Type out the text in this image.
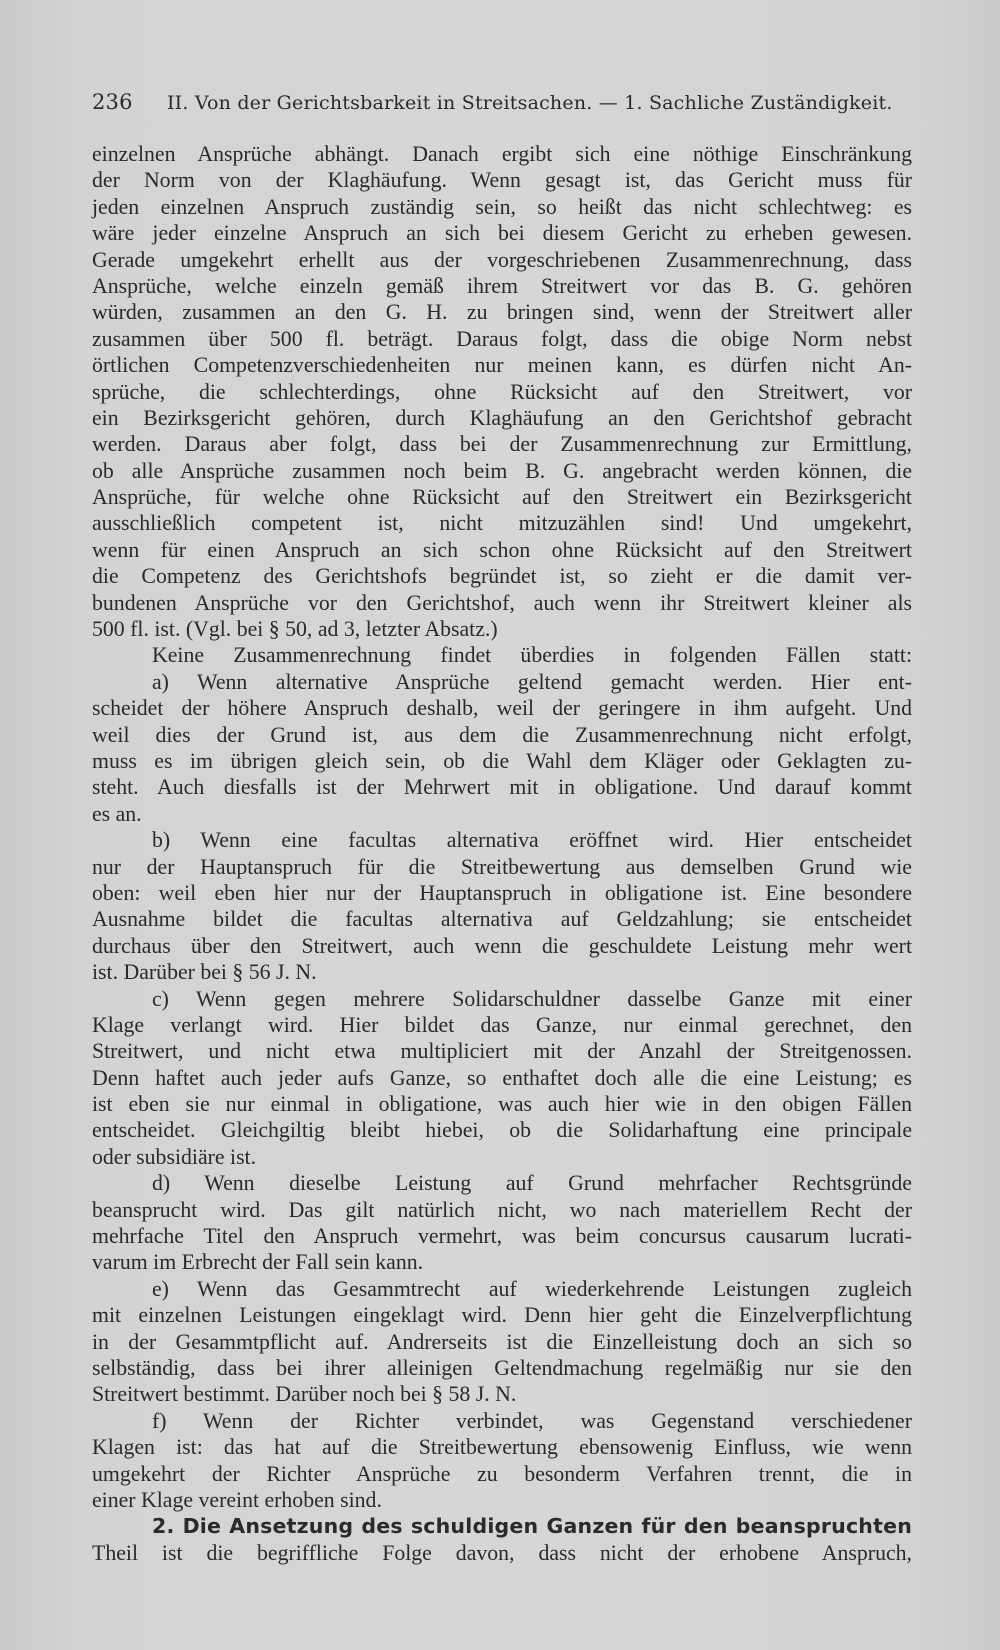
236 II. Von der Gerichtsbarkeit in Streitsachen. — 1. Sachliche Zuständigkeit.
einzelnen Ansprüche abhängt. Danach ergibt sich eine nöthige Einschränkung
der Norm von der Klaghäufung. Wenn gesagt ist, das Gericht muss für
jeden einzelnen Anspruch zuständig sein, so heißt das nicht schlechtweg: es
wäre jeder einzelne Anspruch an sich bei diesem Gericht zu erheben gewesen.
Gerade umgekehrt erhellt aus der vorgeschriebenen Zusammenrechnung, dass
Ansprüche, welche einzeln gemäß ihrem Streitwert vor das B. G. gehören
würden, zusammen an den G. H. zu bringen sind, wenn der Streitwert aller
zusammen über 500 fl. beträgt. Daraus folgt, dass die obige Norm nebst
örtlichen Competenzverschiedenheiten nur meinen kann, es dürfen nicht An-
sprüche, die schlechterdings, ohne Rücksicht auf den Streitwert, vor
ein Bezirksgericht gehören, durch Klaghäufung an den Gerichtshof gebracht
werden. Daraus aber folgt, dass bei der Zusammenrechnung zur Ermittlung,
ob alle Ansprüche zusammen noch beim B. G. angebracht werden können, die
Ansprüche, für welche ohne Rücksicht auf den Streitwert ein Bezirksgericht
ausschließlich competent ist, nicht mitzuzählen sind! Und umgekehrt,
wenn für einen Anspruch an sich schon ohne Rücksicht auf den Streitwert
die Competenz des Gerichtshofs begründet ist, so zieht er die damit ver-
bundenen Ansprüche vor den Gerichtshof, auch wenn ihr Streitwert kleiner als
500 fl. ist. (Vgl. bei § 50, ad 3, letzter Absatz.)
Keine Zusammenrechnung findet überdies in folgenden Fällen statt:
a) Wenn alternative Ansprüche geltend gemacht werden. Hier ent-
scheidet der höhere Anspruch deshalb, weil der geringere in ihm aufgeht. Und
weil dies der Grund ist, aus dem die Zusammenrechnung nicht erfolgt,
muss es im übrigen gleich sein, ob die Wahl dem Kläger oder Geklagten zu-
steht. Auch diesfalls ist der Mehrwert mit in obligatione. Und darauf kommt
es an.
b) Wenn eine facultas alternativa eröffnet wird. Hier entscheidet
nur der Hauptanspruch für die Streitbewertung aus demselben Grund wie
oben: weil eben hier nur der Hauptanspruch in obligatione ist. Eine besondere
Ausnahme bildet die facultas alternativa auf Geldzahlung; sie entscheidet
durchaus über den Streitwert, auch wenn die geschuldete Leistung mehr wert
ist. Darüber bei § 56 J. N.
c) Wenn gegen mehrere Solidarschuldner dasselbe Ganze mit einer
Klage verlangt wird. Hier bildet das Ganze, nur einmal gerechnet, den
Streitwert, und nicht etwa multipliciert mit der Anzahl der Streitgenossen.
Denn haftet auch jeder aufs Ganze, so enthaftet doch alle die eine Leistung; es
ist eben sie nur einmal in obligatione, was auch hier wie in den obigen Fällen
entscheidet. Gleichgiltig bleibt hiebei, ob die Solidarhaftung eine principale
oder subsidiäre ist.
d) Wenn dieselbe Leistung auf Grund mehrfacher Rechtsgründe
beansprucht wird. Das gilt natürlich nicht, wo nach materiellem Recht der
mehrfache Titel den Anspruch vermehrt, was beim concursus causarum lucrati-
varum im Erbrecht der Fall sein kann.
e) Wenn das Gesammtrecht auf wiederkehrende Leistungen zugleich
mit einzelnen Leistungen eingeklagt wird. Denn hier geht die Einzelverpflichtung
in der Gesammtpflicht auf. Andrerseits ist die Einzelleistung doch an sich so
selbständig, dass bei ihrer alleinigen Geltendmachung regelmäßig nur sie den
Streitwert bestimmt. Darüber noch bei § 58 J. N.
f) Wenn der Richter verbindet, was Gegenstand verschiedener
Klagen ist: das hat auf die Streitbewertung ebensowenig Einfluss, wie wenn
umgekehrt der Richter Ansprüche zu besonderm Verfahren trennt, die in
einer Klage vereint erhoben sind.
2. Die Ansetzung des schuldigen Ganzen für den beanspruchten
Theil ist die begriffliche Folge davon, dass nicht der erhobene Anspruch,
